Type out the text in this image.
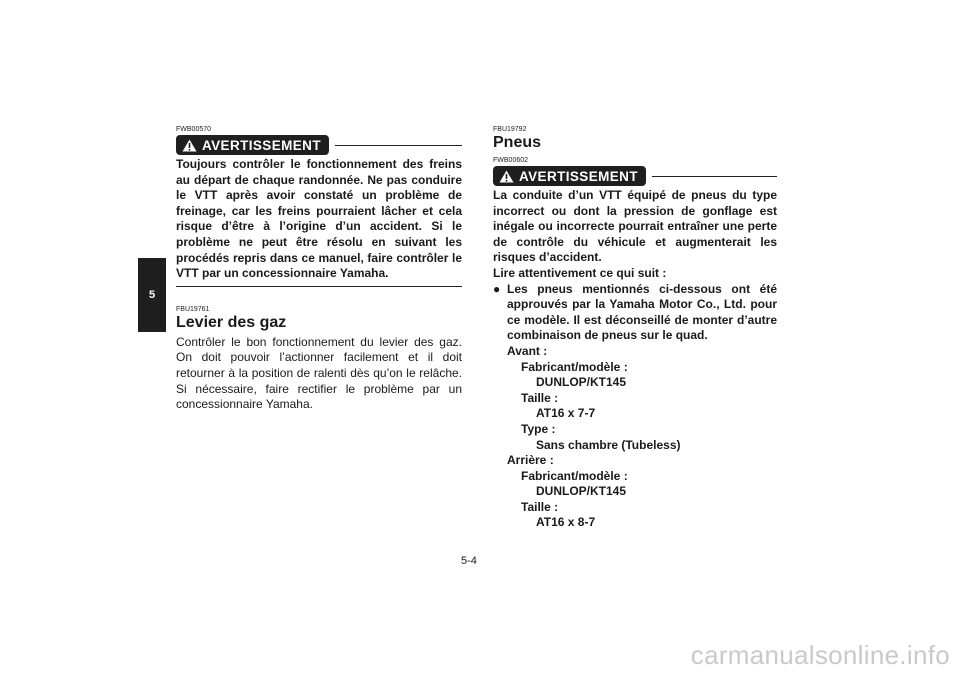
5
FWB00570
AVERTISSEMENT
Toujours contrôler le fonctionnement des freins au départ de chaque randonnée. Ne pas conduire le VTT après avoir constaté un problème de freinage, car les freins pourraient lâcher et cela risque d’être à l’origine d’un accident. Si le problème ne peut être résolu en suivant les procédés repris dans ce manuel, faire contrôler le VTT par un concessionnaire Yamaha.
FBU19761
Levier des gaz
Contrôler le bon fonctionnement du levier des gaz. On doit pouvoir l’actionner facilement et il doit retourner à la position de ralenti dès qu’on le relâche. Si nécessaire, faire rectifier le problème par un concessionnaire Yamaha.
FBU19792
Pneus
FWB00602
AVERTISSEMENT
La conduite d’un VTT équipé de pneus du type incorrect ou dont la pression de gonflage est inégale ou incorrecte pourrait entraîner une perte de contrôle du véhicule et augmenterait les risques d’accident.
Lire attentivement ce qui suit :
● Les pneus mentionnés ci-dessous ont été approuvés par la Yamaha Motor Co., Ltd. pour ce modèle. Il est déconseillé de monter d’autre combinaison de pneus sur le quad.
Avant :
Fabricant/modèle :
DUNLOP/KT145
Taille :
AT16 x 7-7
Type :
Sans chambre (Tubeless)
Arrière :
Fabricant/modèle :
DUNLOP/KT145
Taille :
AT16 x 8-7
5-4
carmanualsonline.info
